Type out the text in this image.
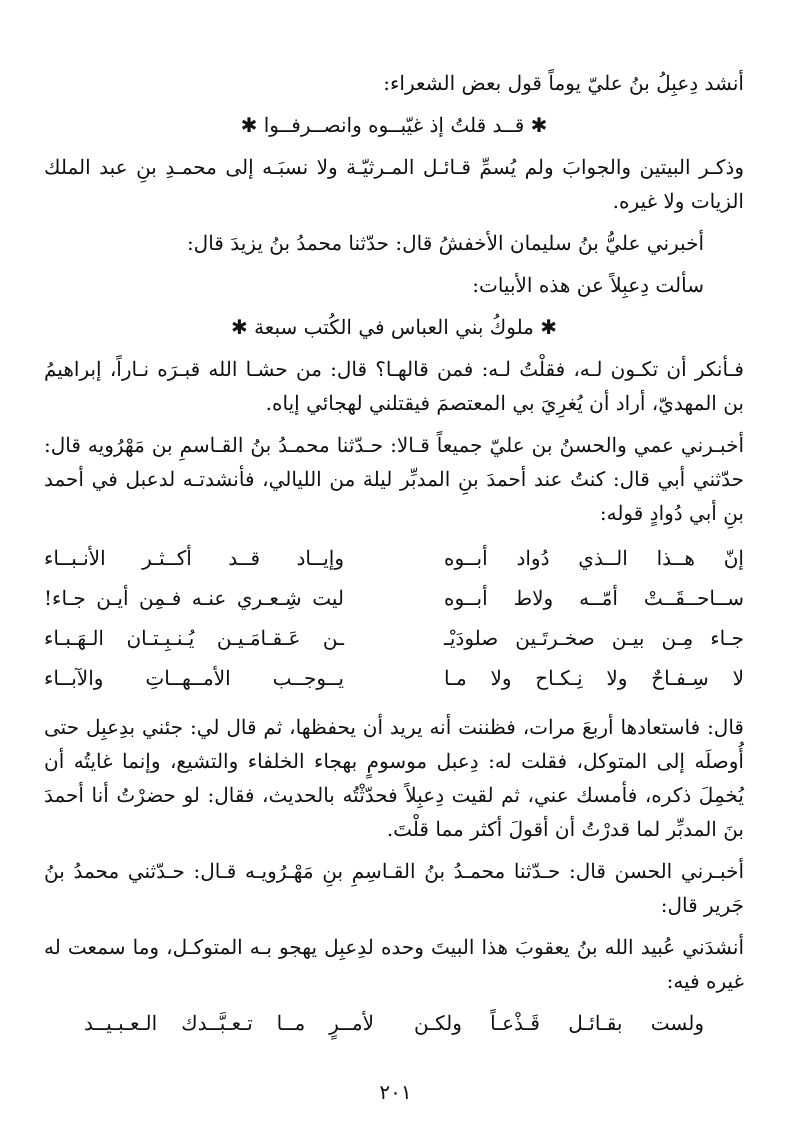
أنشد دِعبِلُ بنُ عليّ يوماً قول بعض الشعراء:

✱ قــد قلتُ إذ غيّبــوه وانصــرفــوا ✱

وذكـر البيتين والجوابَ ولم يُسمِّ قـائـل المـرثيّـة ولا نسبَـه إلى محمـدِ بنِ عبد الملك الزيات ولا غيره.

أخبرني عليُّ بنُ سليمان الأخفشُ قال: حدّثنا محمدُ بنُ يزيدَ قال:

سألت دِعبِلاً عن هذه الأبيات:

✱ ملوكُ بني العباس في الكُتب سبعة ✱

فـأنكر أن تكـون لـه، فقلْتُ لـه: فمن قالهـا؟ قال: من حشـا الله قبـرَه نـاراً، إبراهيمُ بن المهديّ، أراد أن يُغرِيَ بي المعتصمَ فيقتلني لهجائي إياه.

أخبـرني عمي والحسنُ بن عليّ جميعاً قـالا: حـدّثنا محمـدُ بنُ القـاسمِ بن مَهْرُويه قال: حدّثني أبي قال: كنتُ عند أحمدَ بنِ المدبِّر ليلة من الليالي، فأنشدتـه لدعبل في أحمد بنِ أبي دُوادٍ قوله:

إنّ هــذا الــذي دُواد أبــوه
وإيــاد قــد أكــثـر الأنـبــاء
ســاحــقَــتْ أمّــه ولاط أبــوه
ليت شِـعـري عنـه فـمِن أيـن جـاء!
جـاء مِـن بيـن صخـرتَـين صلودَيْـ
ـن عَـقـامَـيـن يُـنـبِـتـان الـهَـبـاء
لا سِـفـاحٌ ولا نِـكـاح ولا مـا
يــوجــب الأمــهــاتِ والآبــاء

قال: فاستعادها أربعَ مرات، فظننت أنه يريد أن يحفظها، ثم قال لي: جئني بدِعبِل حتى أُوصلَه إلى المتوكل، فقلت له: دِعبل موسومٍ بهجاء الخلفاء والتشيع، وإنما غايتُه أن يُخمِلَ ذكره، فأمسك عني، ثم لقيت دِعبِلاً فحدّثْتُه بالحديث، فقال: لو حضرْتُ أنا أحمدَ بنَ المدبِّر لما قدرْتُ أن أقولَ أكثر مما قلْتَ.

أخبـرني الحسن قال: حـدّثنا محمـدُ بنُ القـاسِمِ بنِ مَهْـرُويـه قـال: حـدّثني محمدُ بنُ جَرير قال:

أنشدَني عُبيد الله بنُ يعقوبَ هذا البيتَ وحده لدِعبِل يهجو بـه المتوكـل، وما سمعت له غيره فيه:

ولست بقـائـل قَـذْعـاً ولكـن
لأمــرٍ مــا تـعـبَّــدك الـعـبـيــد
٢٠١
